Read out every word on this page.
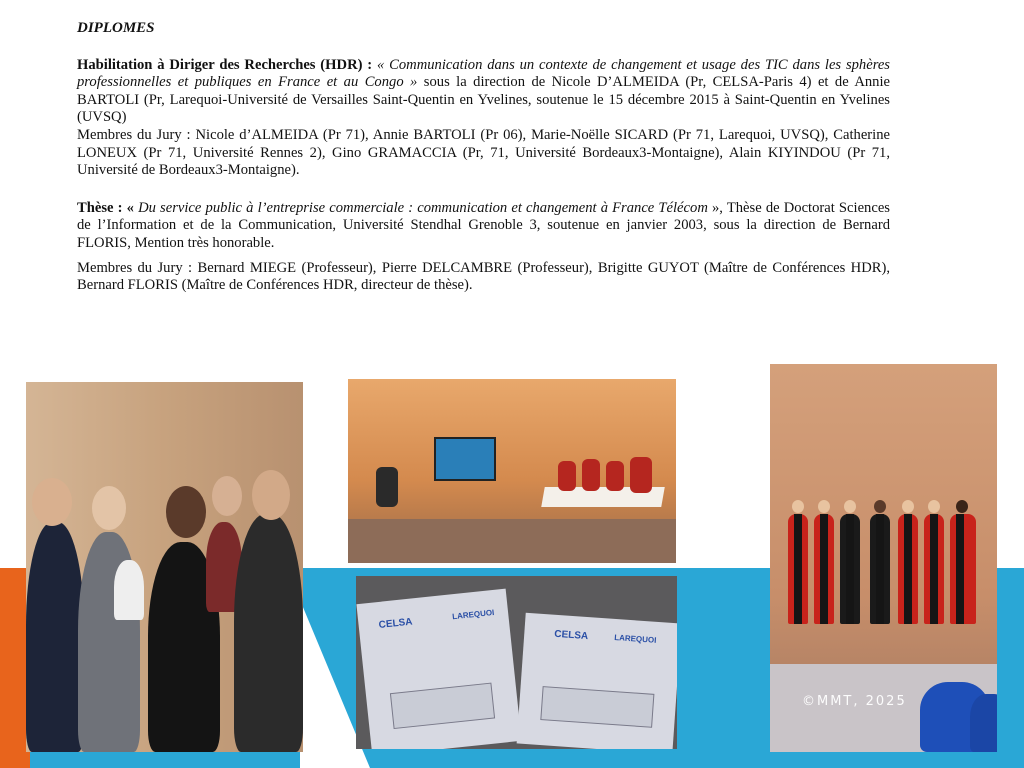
DIPLOMES

Habilitation à Diriger des Recherches (HDR) : « Communication dans un contexte de changement et usage des TIC dans les sphères professionnelles et publiques en France et au Congo » sous la direction de Nicole D’ALMEIDA (Pr, CELSA-Paris 4) et de Annie BARTOLI (Pr, Larequoi-Université de Versailles Saint-Quentin en Yvelines, soutenue le 15 décembre 2015 à Saint-Quentin en Yvelines (UVSQ)

Membres du Jury : Nicole d’ALMEIDA (Pr 71), Annie BARTOLI (Pr 06), Marie-Noëlle SICARD (Pr 71, Larequoi, UVSQ), Catherine LONEUX (Pr 71, Université Rennes 2), Gino GRAMACCIA (Pr, 71, Université Bordeaux3-Montaigne), Alain KIYINDOU (Pr 71, Université de Bordeaux3-Montaigne).

Thèse : « Du service public à l’entreprise commerciale : communication et changement à France Télécom », Thèse de Doctorat Sciences de l’Information et de la Communication, Université Stendhal Grenoble 3, soutenue en janvier 2003, sous la direction de Bernard FLORIS, Mention très honorable.

Membres du Jury : Bernard MIEGE (Professeur), Pierre DELCAMBRE (Professeur), Brigitte GUYOT (Maître de Conférences HDR), Bernard FLORIS (Maître de Conférences HDR, directeur de thèse).

CELSA
LAREQUOI
CELSA	LAREQUOI
©MMT, 2025
